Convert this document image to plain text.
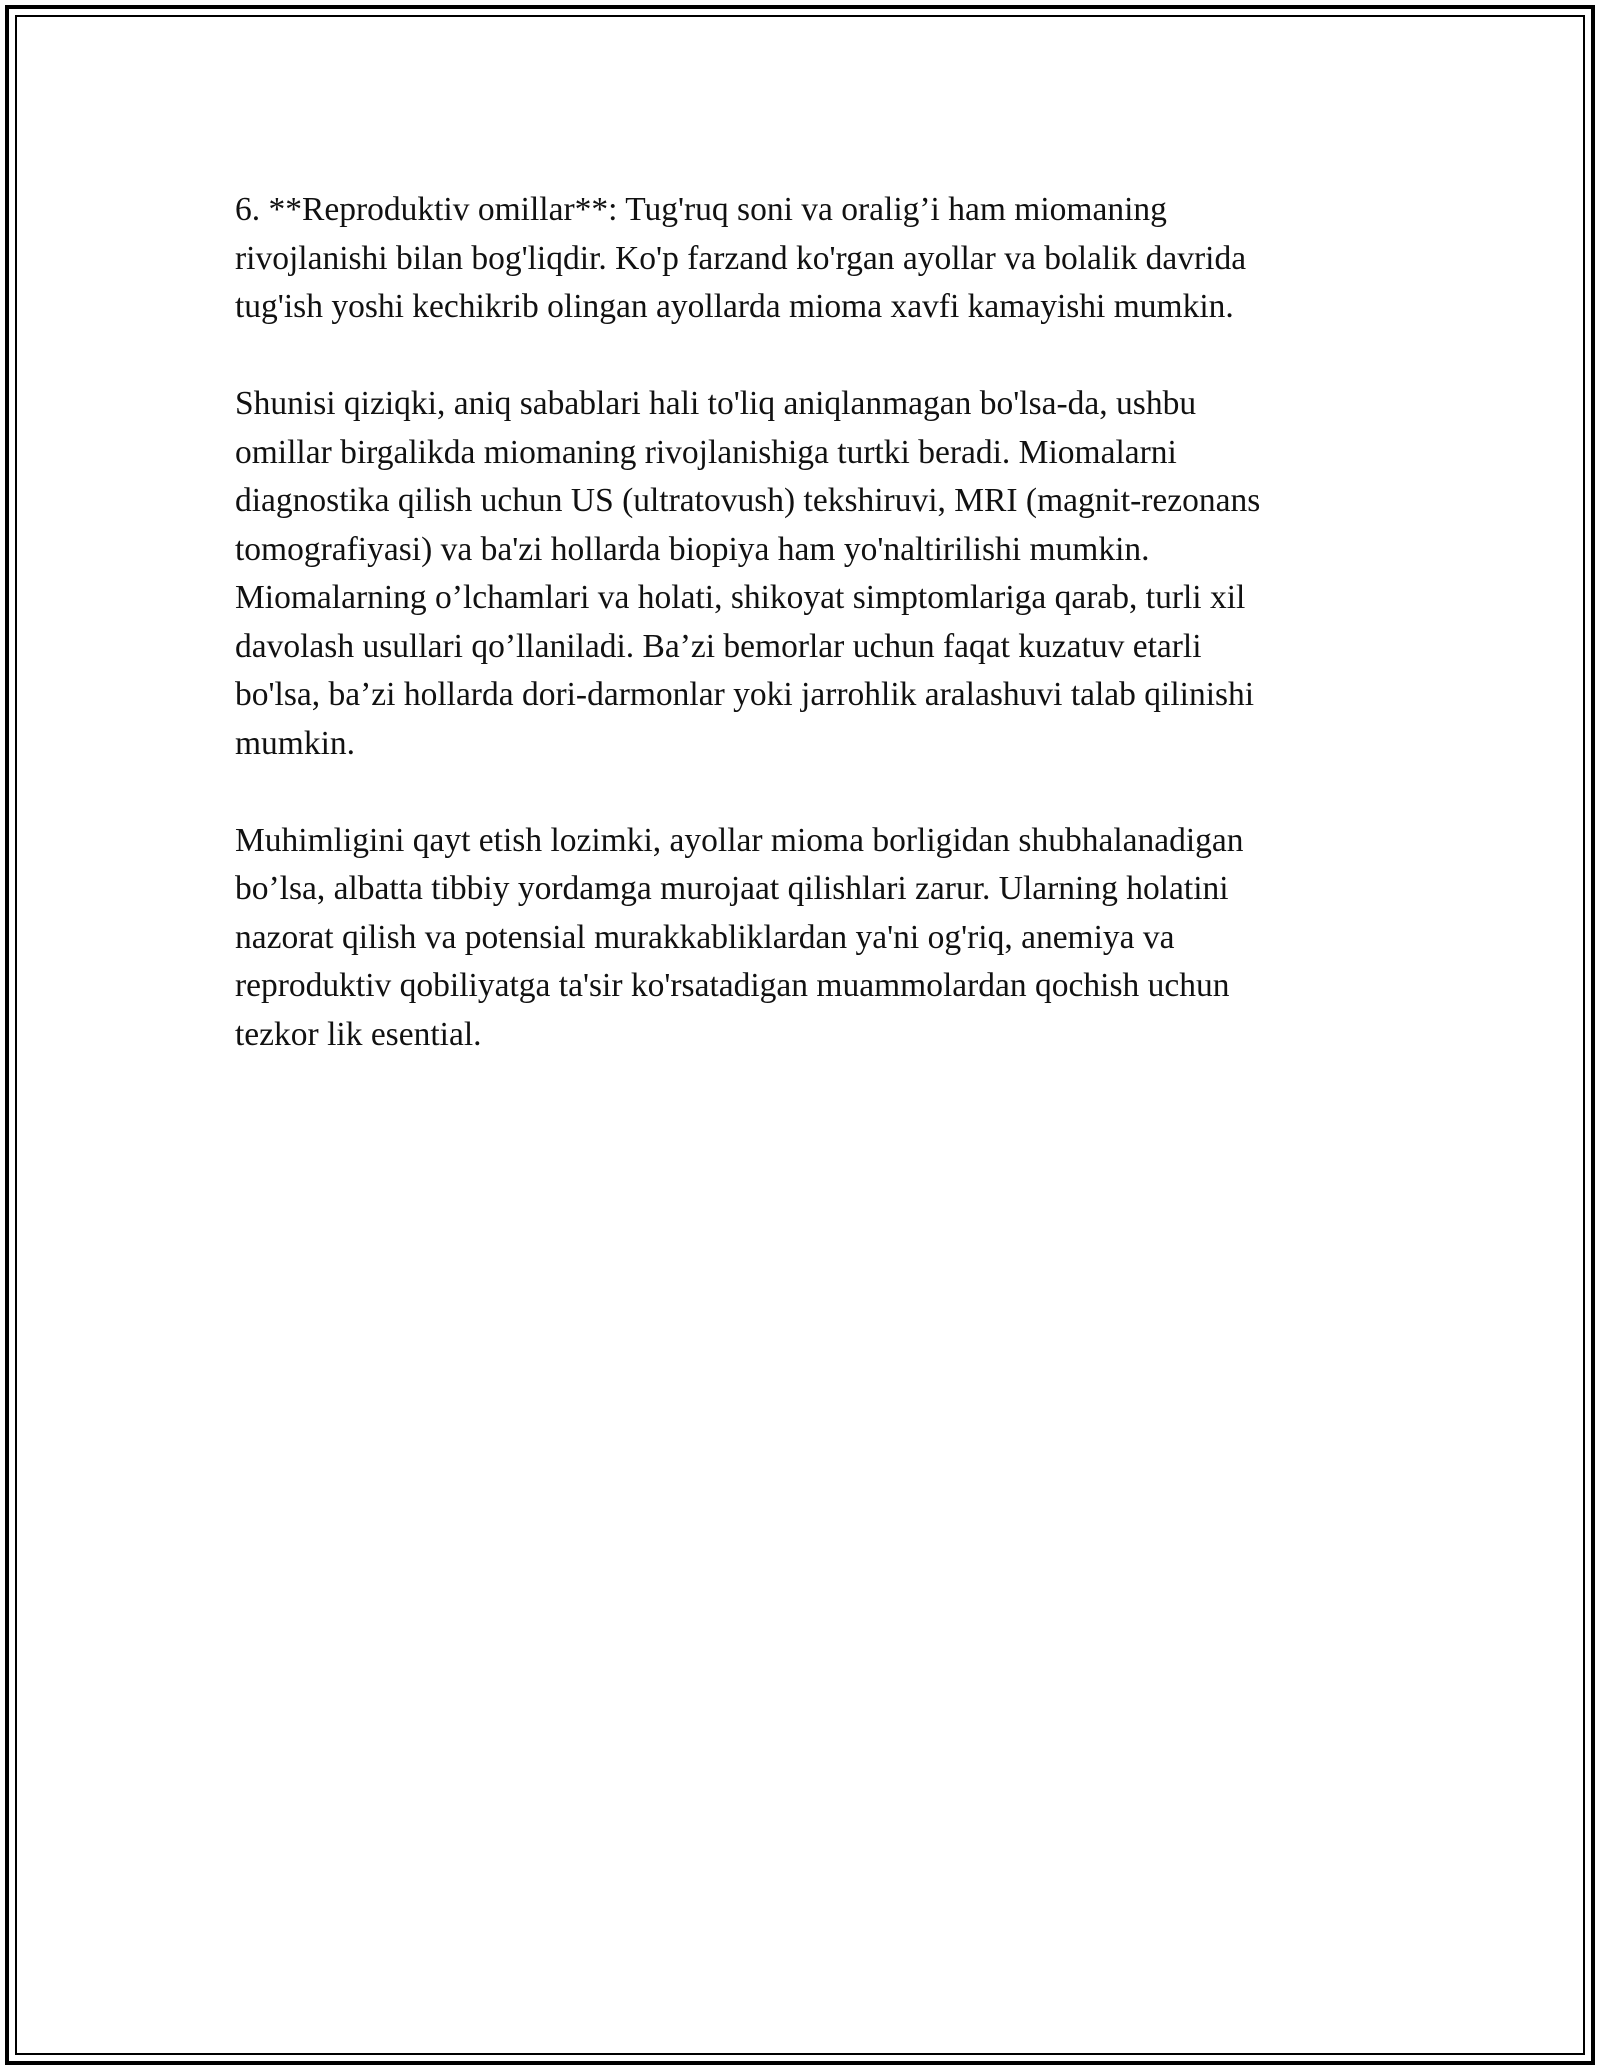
6. **Reproduktiv omillar**: Tug'ruq soni va oralig’i ham miomaning
rivojlanishi bilan bog'liqdir. Ko'p farzand ko'rgan ayollar va bolalik davrida
tug'ish yoshi kechikrib olingan ayollarda mioma xavfi kamayishi mumkin.

Shunisi qiziqki, aniq sabablari hali to'liq aniqlanmagan bo'lsa-da, ushbu
omillar birgalikda miomaning rivojlanishiga turtki beradi. Miomalarni
diagnostika qilish uchun US (ultratovush) tekshiruvi, MRI (magnit-rezonans
tomografiyasi) va ba'zi hollarda biopiya ham yo'naltirilishi mumkin.
Miomalarning o’lchamlari va holati, shikoyat simptomlariga qarab, turli xil
davolash usullari qo’llaniladi. Ba’zi bemorlar uchun faqat kuzatuv etarli
bo'lsa, ba’zi hollarda dori-darmonlar yoki jarrohlik aralashuvi talab qilinishi
mumkin.

Muhimligini qayt etish lozimki, ayollar mioma borligidan shubhalanadigan
bo’lsa, albatta tibbiy yordamga murojaat qilishlari zarur. Ularning holatini
nazorat qilish va potensial murakkabliklardan ya'ni og'riq, anemiya va
reproduktiv qobiliyatga ta'sir ko'rsatadigan muammolardan qochish uchun
tezkor lik esential.
